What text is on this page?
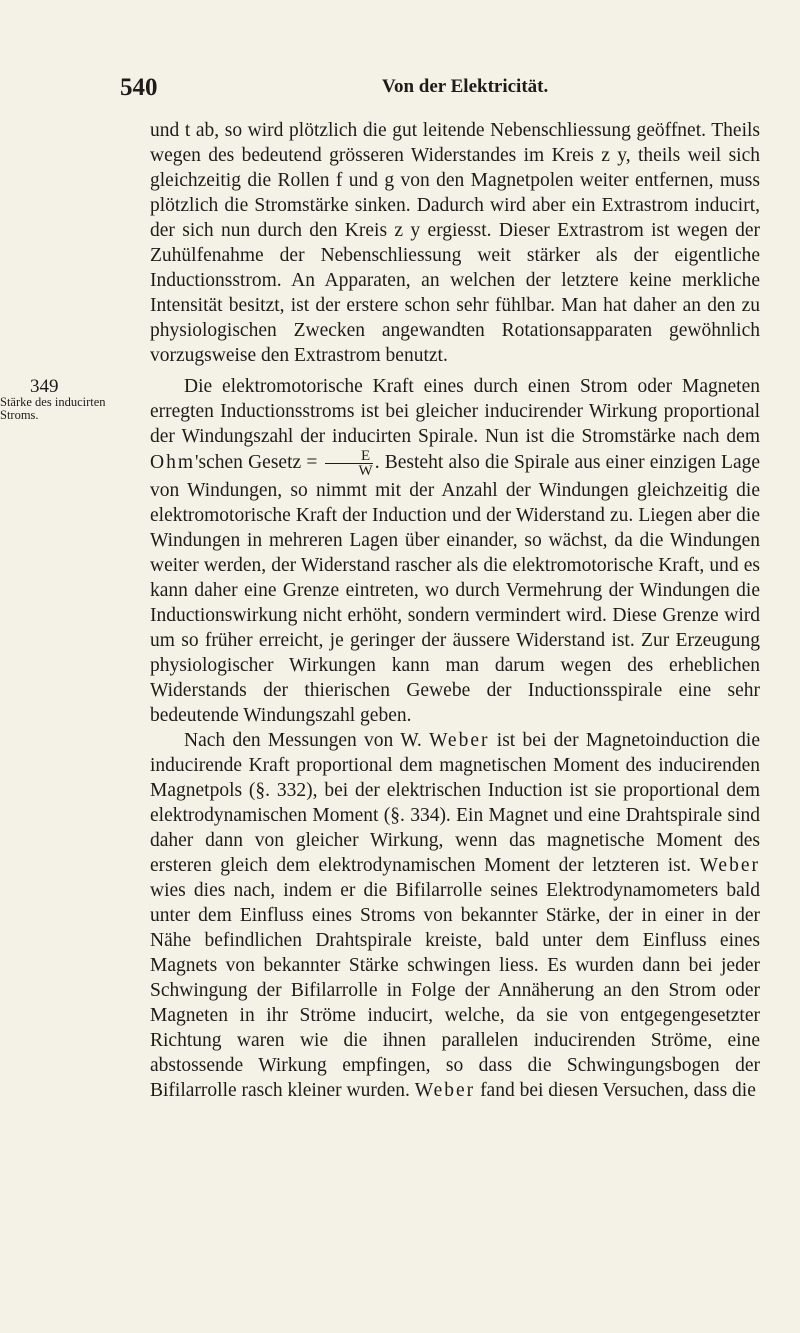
540	Von der Elektricität.

und t ab, so wird plötzlich die gut leitende Nebenschliessung geöffnet. Theils wegen des bedeutend grösseren Widerstandes im Kreis z y, theils weil sich gleichzeitig die Rollen f und g von den Magnetpolen weiter entfernen, muss plötzlich die Stromstärke sinken. Dadurch wird aber ein Extrastrom inducirt, der sich nun durch den Kreis z y ergiesst. Dieser Extrastrom ist wegen der Zuhülfenahme der Nebenschliessung weit stärker als der eigentliche Inductionsstrom. An Apparaten, an welchen der letztere keine merkliche Intensität besitzt, ist der erstere schon sehr fühlbar. Man hat daher an den zu physiologischen Zwecken angewandten Rotationsapparaten gewöhnlich vorzugsweise den Extrastrom benutzt.

349
Stärke des inducirten Stroms.

Die elektromotorische Kraft eines durch einen Strom oder Magneten erregten Inductionsstroms ist bei gleicher inducirender Wirkung proportional der Windungszahl der inducirten Spirale. Nun ist die Stromstärke nach dem Ohm'schen Gesetz = $\frac{E}{W}$ . Besteht also die Spirale aus einer einzigen Lage von Windungen, so nimmt mit der Anzahl der Windungen gleichzeitig die elektromotorische Kraft der Induction und der Widerstand zu. Liegen aber die Windungen in mehreren Lagen über einander, so wächst, da die Windungen weiter werden, der Widerstand rascher als die elektromotorische Kraft, und es kann daher eine Grenze eintreten, wo durch Vermehrung der Windungen die Inductionswirkung nicht erhöht, sondern vermindert wird. Diese Grenze wird um so früher erreicht, je geringer der äussere Widerstand ist. Zur Erzeugung physiologischer Wirkungen kann man darum wegen des erheblichen Widerstands der thierischen Gewebe der Inductionsspirale eine sehr bedeutende Windungszahl geben.

Nach den Messungen von W. Weber ist bei der Magnetoinduction die inducirende Kraft proportional dem magnetischen Moment des inducirenden Magnetpols (§. 332), bei der elektrischen Induction ist sie proportional dem elektrodynamischen Moment (§. 334). Ein Magnet und eine Drahtspirale sind daher dann von gleicher Wirkung, wenn das magnetische Moment des ersteren gleich dem elektrodynamischen Moment der letzteren ist. Weber wies dies nach, indem er die Bifilarrolle seines Elektrodynamometers bald unter dem Einfluss eines Stroms von bekannter Stärke, der in einer in der Nähe befindlichen Drahtspirale kreiste, bald unter dem Einfluss eines Magnets von bekannter Stärke schwingen liess. Es wurden dann bei jeder Schwingung der Bifilarrolle in Folge der Annäherung an den Strom oder Magneten in ihr Ströme inducirt, welche, da sie von entgegengesetzter Richtung waren wie die ihnen parallelen inducirenden Ströme, eine abstossende Wirkung empfingen, so dass die Schwingungsbogen der Bifilarrolle rasch kleiner wurden. Weber fand bei diesen Versuchen, dass die
